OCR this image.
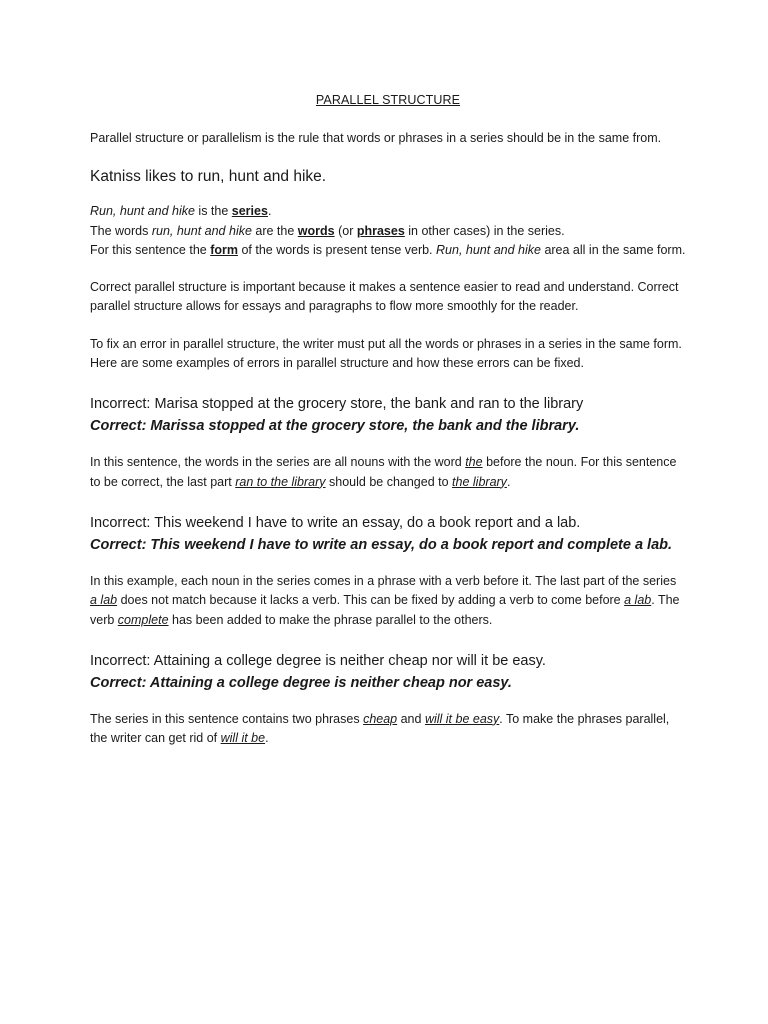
PARALLEL STRUCTURE

Parallel structure or parallelism is the rule that words or phrases in a series should be in the same from.

Katniss likes to run, hunt and hike.

Run, hunt and hike is the series.
The words run, hunt and hike are the words (or phrases in other cases) in the series.
For this sentence the form of the words is present tense verb. Run, hunt and hike area all in the same form.

Correct parallel structure is important because it makes a sentence easier to read and understand. Correct parallel structure allows for essays and paragraphs to flow more smoothly for the reader.

To fix an error in parallel structure, the writer must put all the words or phrases in a series in the same form. Here are some examples of errors in parallel structure and how these errors can be fixed.

Incorrect: Marisa stopped at the grocery store, the bank and ran to the library

Correct: Marissa stopped at the grocery store, the bank and the library.

In this sentence, the words in the series are all nouns with the word the before the noun. For this sentence to be correct, the last part ran to the library should be changed to the library.

Incorrect: This weekend I have to write an essay, do a book report and a lab.

Correct: This weekend I have to write an essay, do a book report and complete a lab.

In this example, each noun in the series comes in a phrase with a verb before it. The last part of the series a lab does not match because it lacks a verb. This can be fixed by adding a verb to come before a lab. The verb complete has been added to make the phrase parallel to the others.

Incorrect: Attaining a college degree is neither cheap nor will it be easy.

Correct: Attaining a college degree is neither cheap nor easy.

The series in this sentence contains two phrases cheap and will it be easy. To make the phrases parallel, the writer can get rid of will it be.
